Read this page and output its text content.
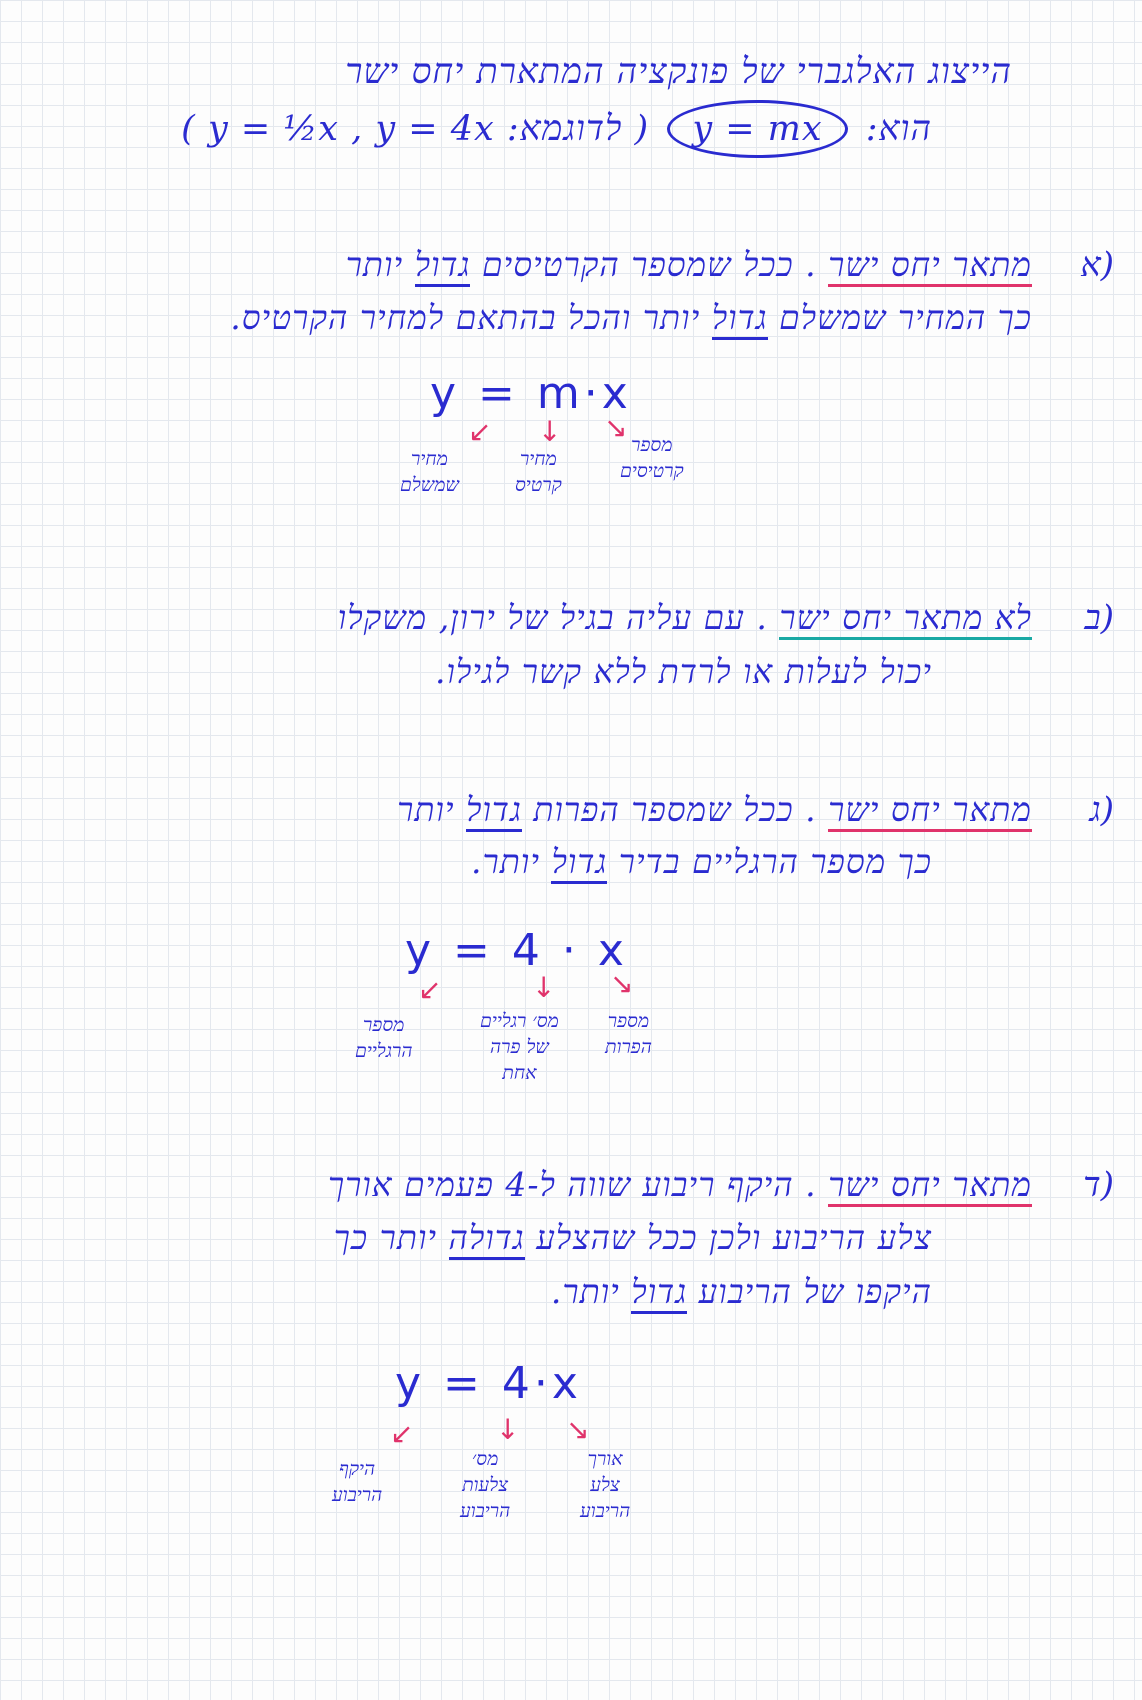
הייצוג האלגברי של פונקציה המתארת יחס ישר
הוא: y = mx ( לדוגמא: y = 4x , y = ½x )
א)
מתאר יחס ישר . ככל שמספר הקרטיסים גדול יותר
כך המחיר שמשלם גדול יותר והכל בהתאם למחיר הקרטיס.
y = m·x
↙ ↓ ↘
מחיר
שמשלם
מחיר
קרטיס
מספר
קרטיסים
ב)
לא מתאר יחס ישר . עם עליה בגיל של ירון, משקלו
יכול לעלות או לרדת ללא קשר לגילו.
ג)
מתאר יחס ישר . ככל שמספר הפרות גדול יותר
כך מספר הרגליים בדיר גדול יותר.
y = 4 · x
↙	↓ ↘
מספר
הרגליים
מס׳ רגליים
של פרה
אחת
מספר
הפרות
ד)
מתאר יחס ישר . היקף ריבוע שווה ל-4 פעמים אורך
צלע הריבוע ולכן ככל שהצלע גדולה יותר כך
היקפו של הריבוע גדול יותר.
y = 4·x
↙	↓ ↘
היקף
הריבוע
מס׳
צלעות
הריבוע
אורך
צלע
הריבוע
